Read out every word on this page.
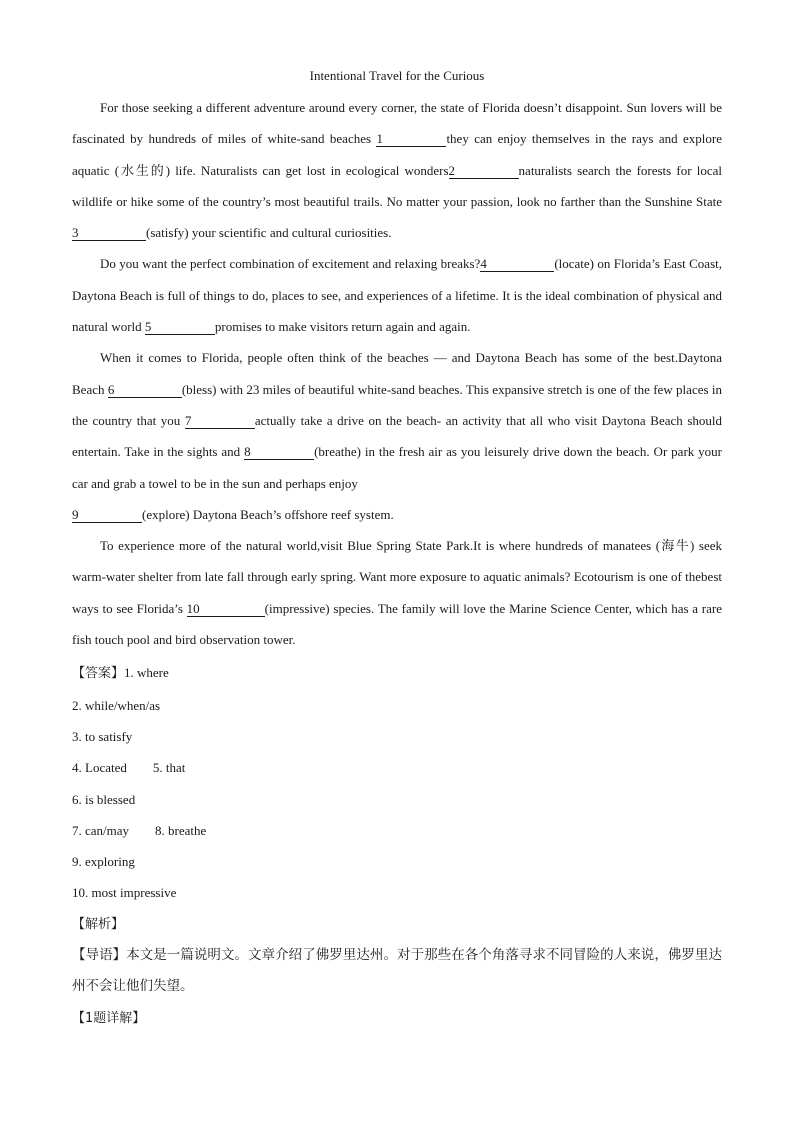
Intentional Travel for the Curious

For those seeking a different adventure around every corner, the state of Florida doesn’t disappoint. Sun lovers will be fascinated by hundreds of miles of white-sand beaches 1	they can enjoy themselves in the rays and explore aquatic (水生的) life. Naturalists can get lost in ecological wonders2	naturalists search the forests for local wildlife or hike some of the country’s most beautiful trails. No matter your passion, look no farther than the Sunshine State 3	(satisfy) your scientific and cultural curiosities.

Do you want the perfect combination of excitement and relaxing breaks?4	(locate) on Florida’s East Coast, Daytona Beach is full of things to do, places to see, and experiences of a lifetime. It is the ideal combination of physical and natural world 5	promises to make visitors return again and again.

When it comes to Florida, people often think of the beaches — and Daytona Beach has some of the best.Daytona Beach 6	(bless) with 23 miles of beautiful white-sand beaches. This expansive stretch is one of the few places in the country that you 7	actually take a drive on the beach- an activity that all who visit Daytona Beach should entertain. Take in the sights and 8	(breathe) in the fresh air as you leisurely drive down the beach. Or park your car and grab a towel to be in the sun and perhaps enjoy
9	(explore) Daytona Beach’s offshore reef system.

To experience more of the natural world,visit Blue Spring State Park.It is where hundreds of manatees (海牛) seek warm-water shelter from late fall through early spring. Want more exposure to aquatic animals? Ecotourism is one of thebest ways to see Florida’s 10	(impressive) species. The family will love the Marine Science Center, which has a rare fish touch pool and bird observation tower.

【答案】1. where

2. while/when/as

3. to satisfy

4. Located 5. that

6. is blessed

7. can/may 8. breathe

9. exploring

10. most impressive

【解析】

【导语】本文是一篇说明文。文章介绍了佛罗里达州。对于那些在各个角落寻求不同冒险的人来说，佛罗里达州不会让他们失望。

【1题详解】
